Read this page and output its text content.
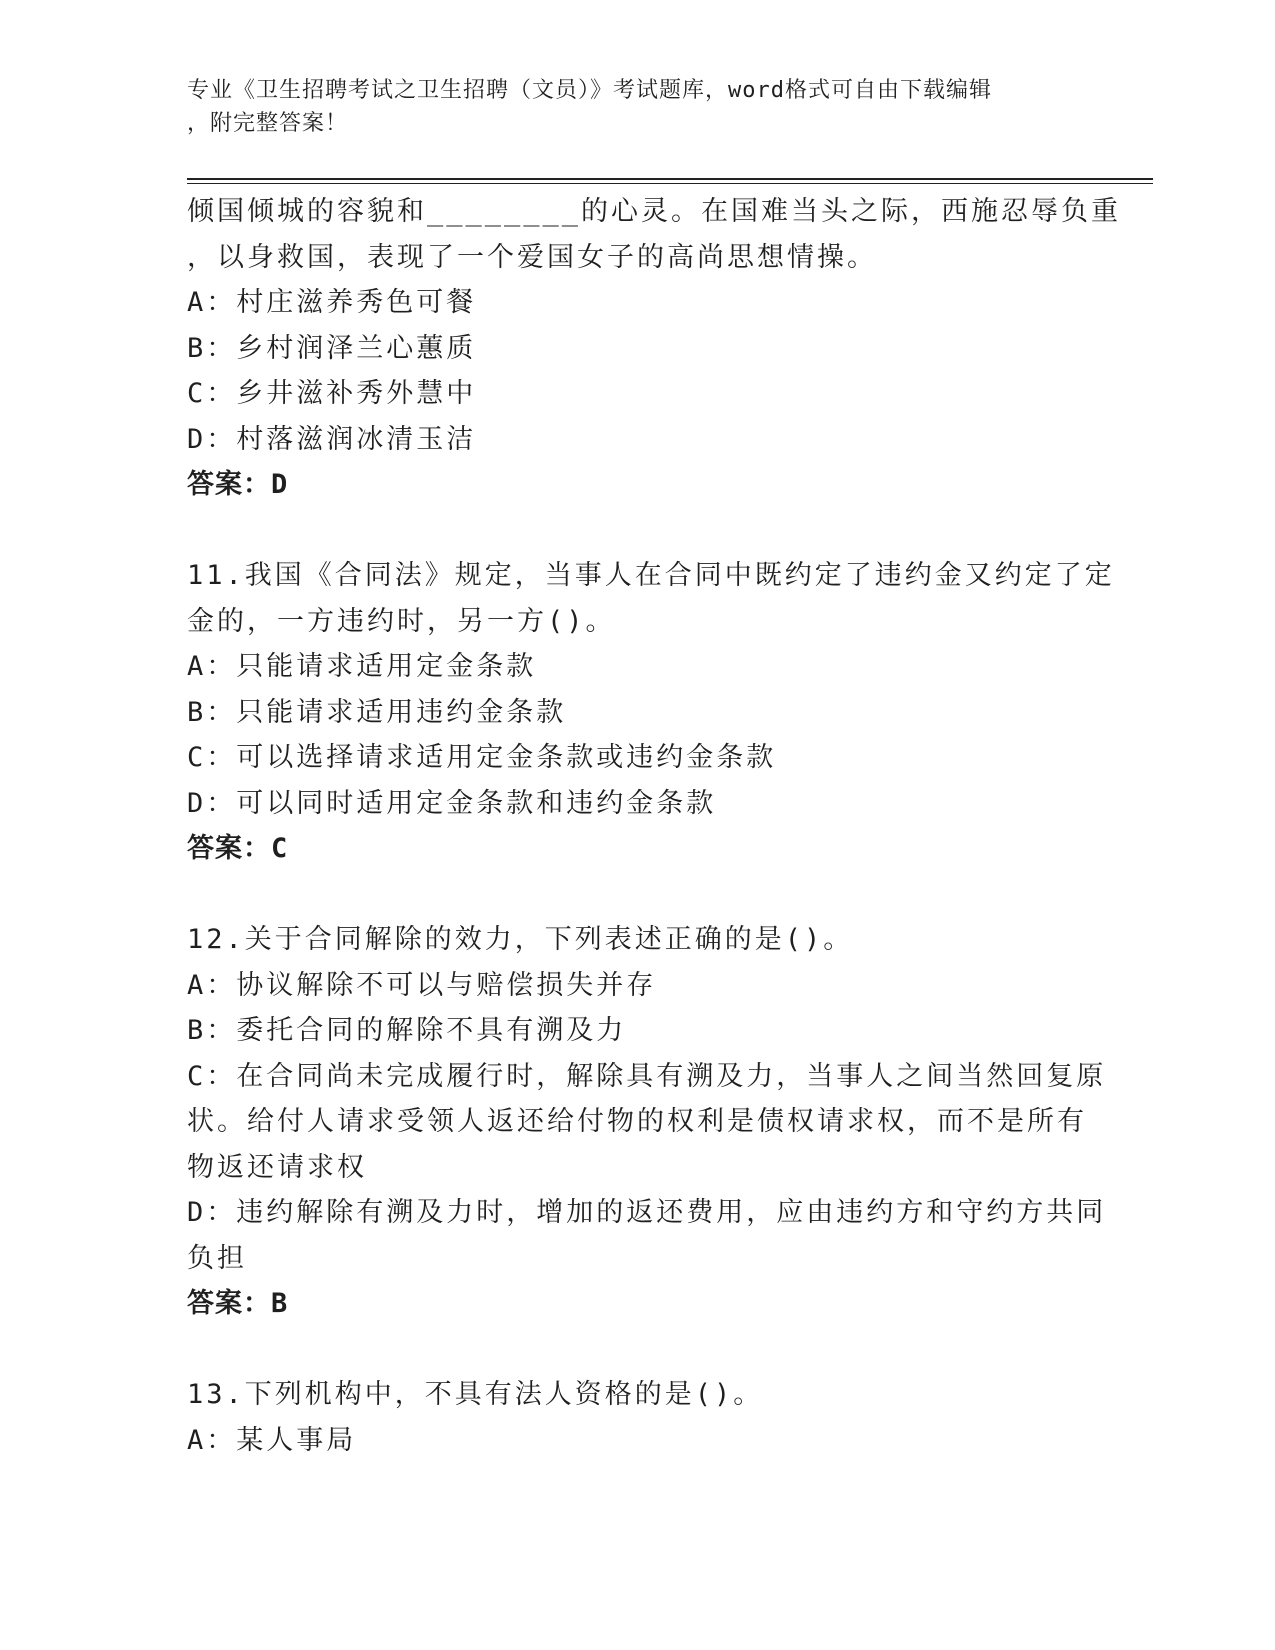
专业《卫生招聘考试之卫生招聘（文员）》考试题库，word格式可自由下载编辑
，附完整答案！
倾国倾城的容貌和________的心灵。在国难当头之际，西施忍辱负重
，以身救国，表现了一个爱国女子的高尚思想情操。
A：村庄滋养秀色可餐
B：乡村润泽兰心蕙质
C：乡井滋补秀外慧中
D：村落滋润冰清玉洁
答案：D
11.我国《合同法》规定，当事人在合同中既约定了违约金又约定了定
金的，一方违约时，另一方()。
A：只能请求适用定金条款
B：只能请求适用违约金条款
C：可以选择请求适用定金条款或违约金条款
D：可以同时适用定金条款和违约金条款
答案：C
12.关于合同解除的效力，下列表述正确的是()。
A：协议解除不可以与赔偿损失并存
B：委托合同的解除不具有溯及力
C：在合同尚未完成履行时，解除具有溯及力，当事人之间当然回复原
状。给付人请求受领人返还给付物的权利是债权请求权，而不是所有
物返还请求权
D：违约解除有溯及力时，增加的返还费用，应由违约方和守约方共同
负担
答案：B
13.下列机构中，不具有法人资格的是()。
A：某人事局
